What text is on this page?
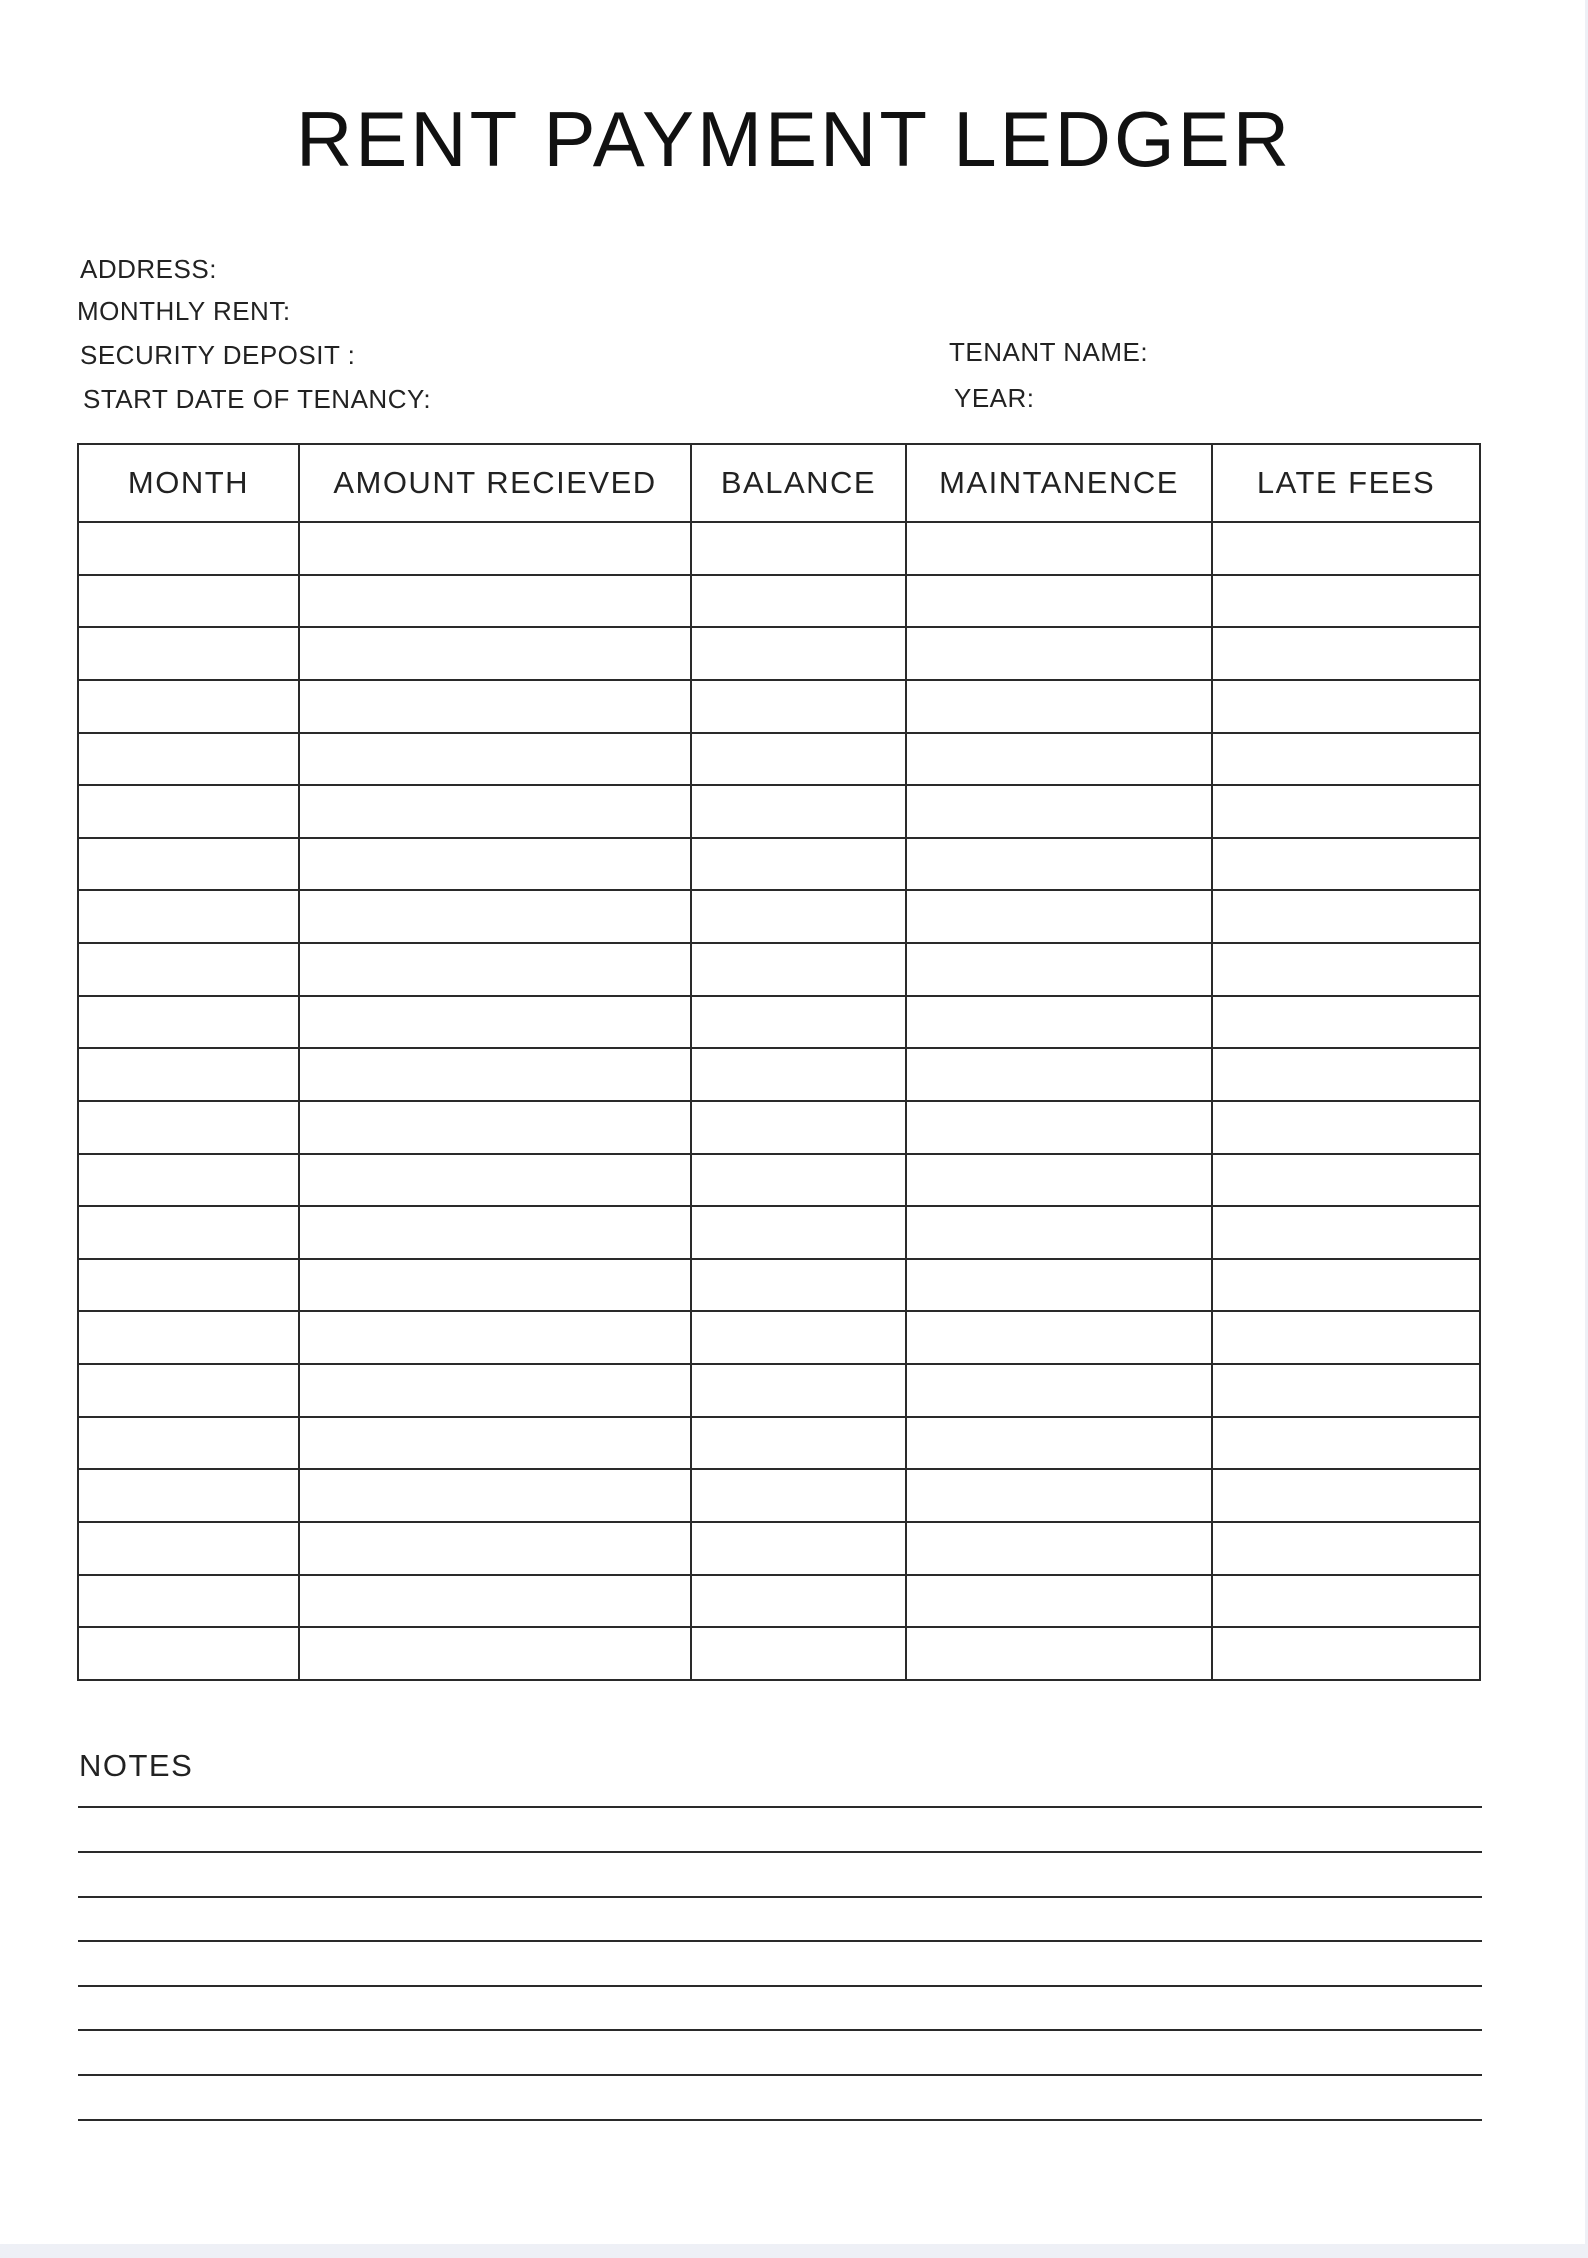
RENT PAYMENT LEDGER
ADDRESS:
MONTHLY RENT:
SECURITY DEPOSIT :
START DATE OF TENANCY:
TENANT NAME:
YEAR:
MONTH	AMOUNT RECIEVED	BALANCE	MAINTANENCE	LATE FEES

NOTES
